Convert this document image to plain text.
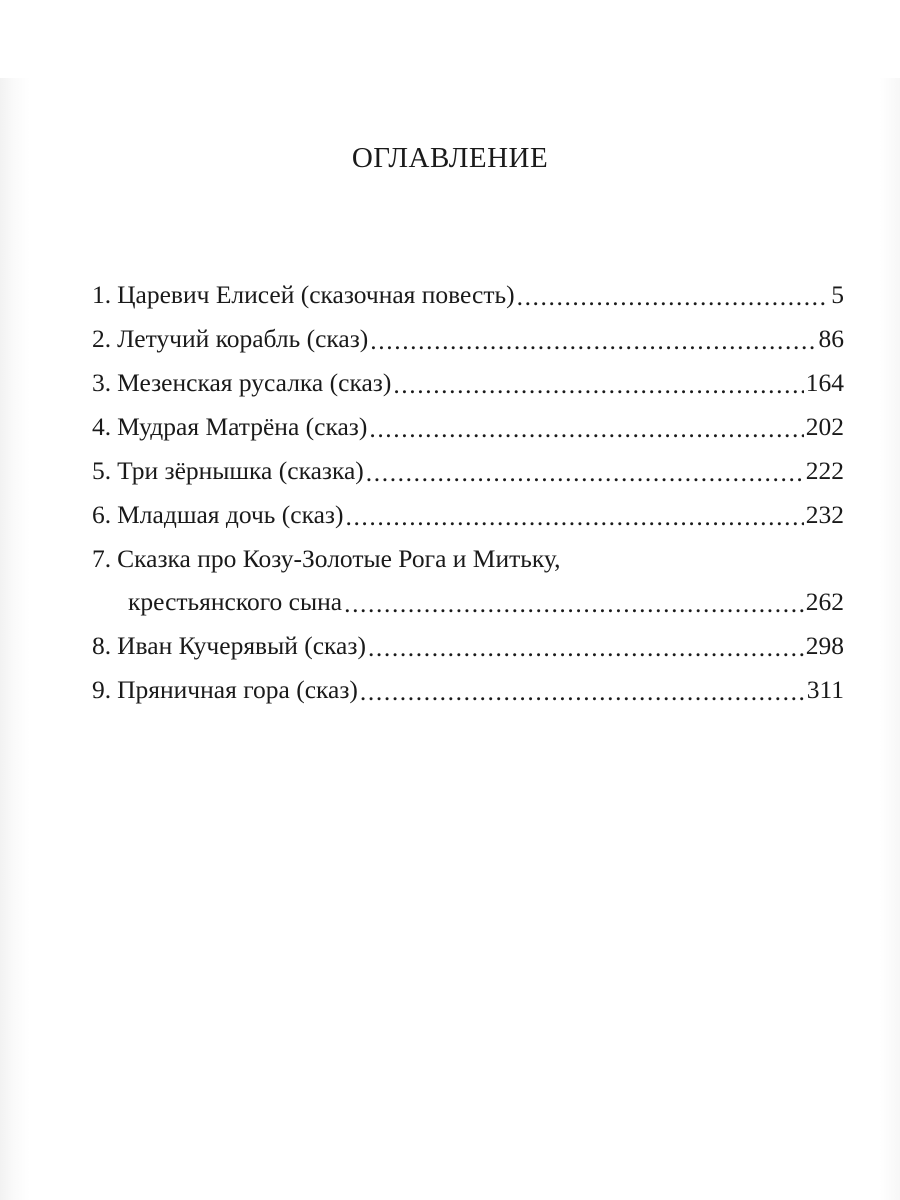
ОГЛАВЛЕНИЕ
1. Царевич Елисей (сказочная повесть) .....	5
2. Летучий корабль (сказ) .....	86
3. Мезенская русалка (сказ) .....	164
4. Мудрая Матрёна (сказ) .....	202
5. Три зёрнышка (сказка) .....	222
6. Младшая дочь (сказ) .....	232
7. Сказка про Козу-Золотые Рога и Митьку,
крестьянского сына .....	262
8. Иван Кучерявый (сказ) .....	298
9. Пряничная гора (сказ) .....	311
